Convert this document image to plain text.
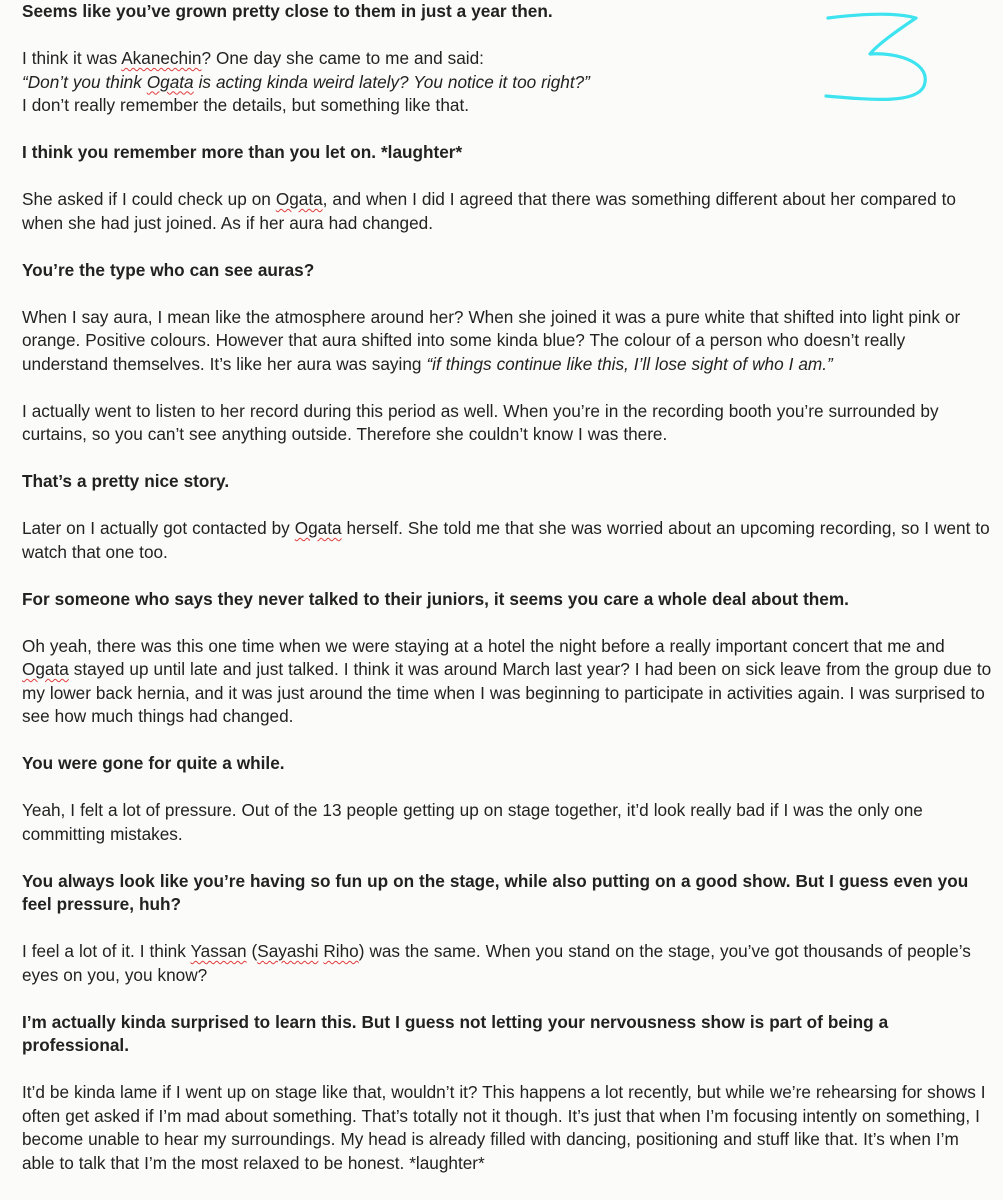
Seems like you’ve grown pretty close to them in just a year then.

I think it was Akanechin? One day she came to me and said:
“Don’t you think Ogata is acting kinda weird lately? You notice it too right?”
I don’t really remember the details, but something like that.

I think you remember more than you let on. *laughter*

She asked if I could check up on Ogata, and when I did I agreed that there was something different about her compared to when she had just joined. As if her aura had changed.

You’re the type who can see auras?

When I say aura, I mean like the atmosphere around her? When she joined it was a pure white that shifted into light pink or orange. Positive colours. However that aura shifted into some kinda blue? The colour of a person who doesn’t really understand themselves. It’s like her aura was saying “if things continue like this, I’ll lose sight of who I am.”

I actually went to listen to her record during this period as well. When you’re in the recording booth you’re surrounded by curtains, so you can’t see anything outside. Therefore she couldn’t know I was there.

That’s a pretty nice story.

Later on I actually got contacted by Ogata herself. She told me that she was worried about an upcoming recording, so I went to watch that one too.

For someone who says they never talked to their juniors, it seems you care a whole deal about them.

Oh yeah, there was this one time when we were staying at a hotel the night before a really important concert that me and Ogata stayed up until late and just talked. I think it was around March last year? I had been on sick leave from the group due to my lower back hernia, and it was just around the time when I was beginning to participate in activities again. I was surprised to see how much things had changed.

You were gone for quite a while.

Yeah, I felt a lot of pressure. Out of the 13 people getting up on stage together, it’d look really bad if I was the only one committing mistakes.

You always look like you’re having so fun up on the stage, while also putting on a good show. But I guess even you feel pressure, huh?

I feel a lot of it. I think Yassan (Sayashi Riho) was the same. When you stand on the stage, you’ve got thousands of people’s eyes on you, you know?

I’m actually kinda surprised to learn this. But I guess not letting your nervousness show is part of being a professional.

It’d be kinda lame if I went up on stage like that, wouldn’t it? This happens a lot recently, but while we’re rehearsing for shows I often get asked if I’m mad about something. That’s totally not it though. It’s just that when I’m focusing intently on something, I become unable to hear my surroundings. My head is already filled with dancing, positioning and stuff like that. It’s when I’m able to talk that I’m the most relaxed to be honest. *laughter*
